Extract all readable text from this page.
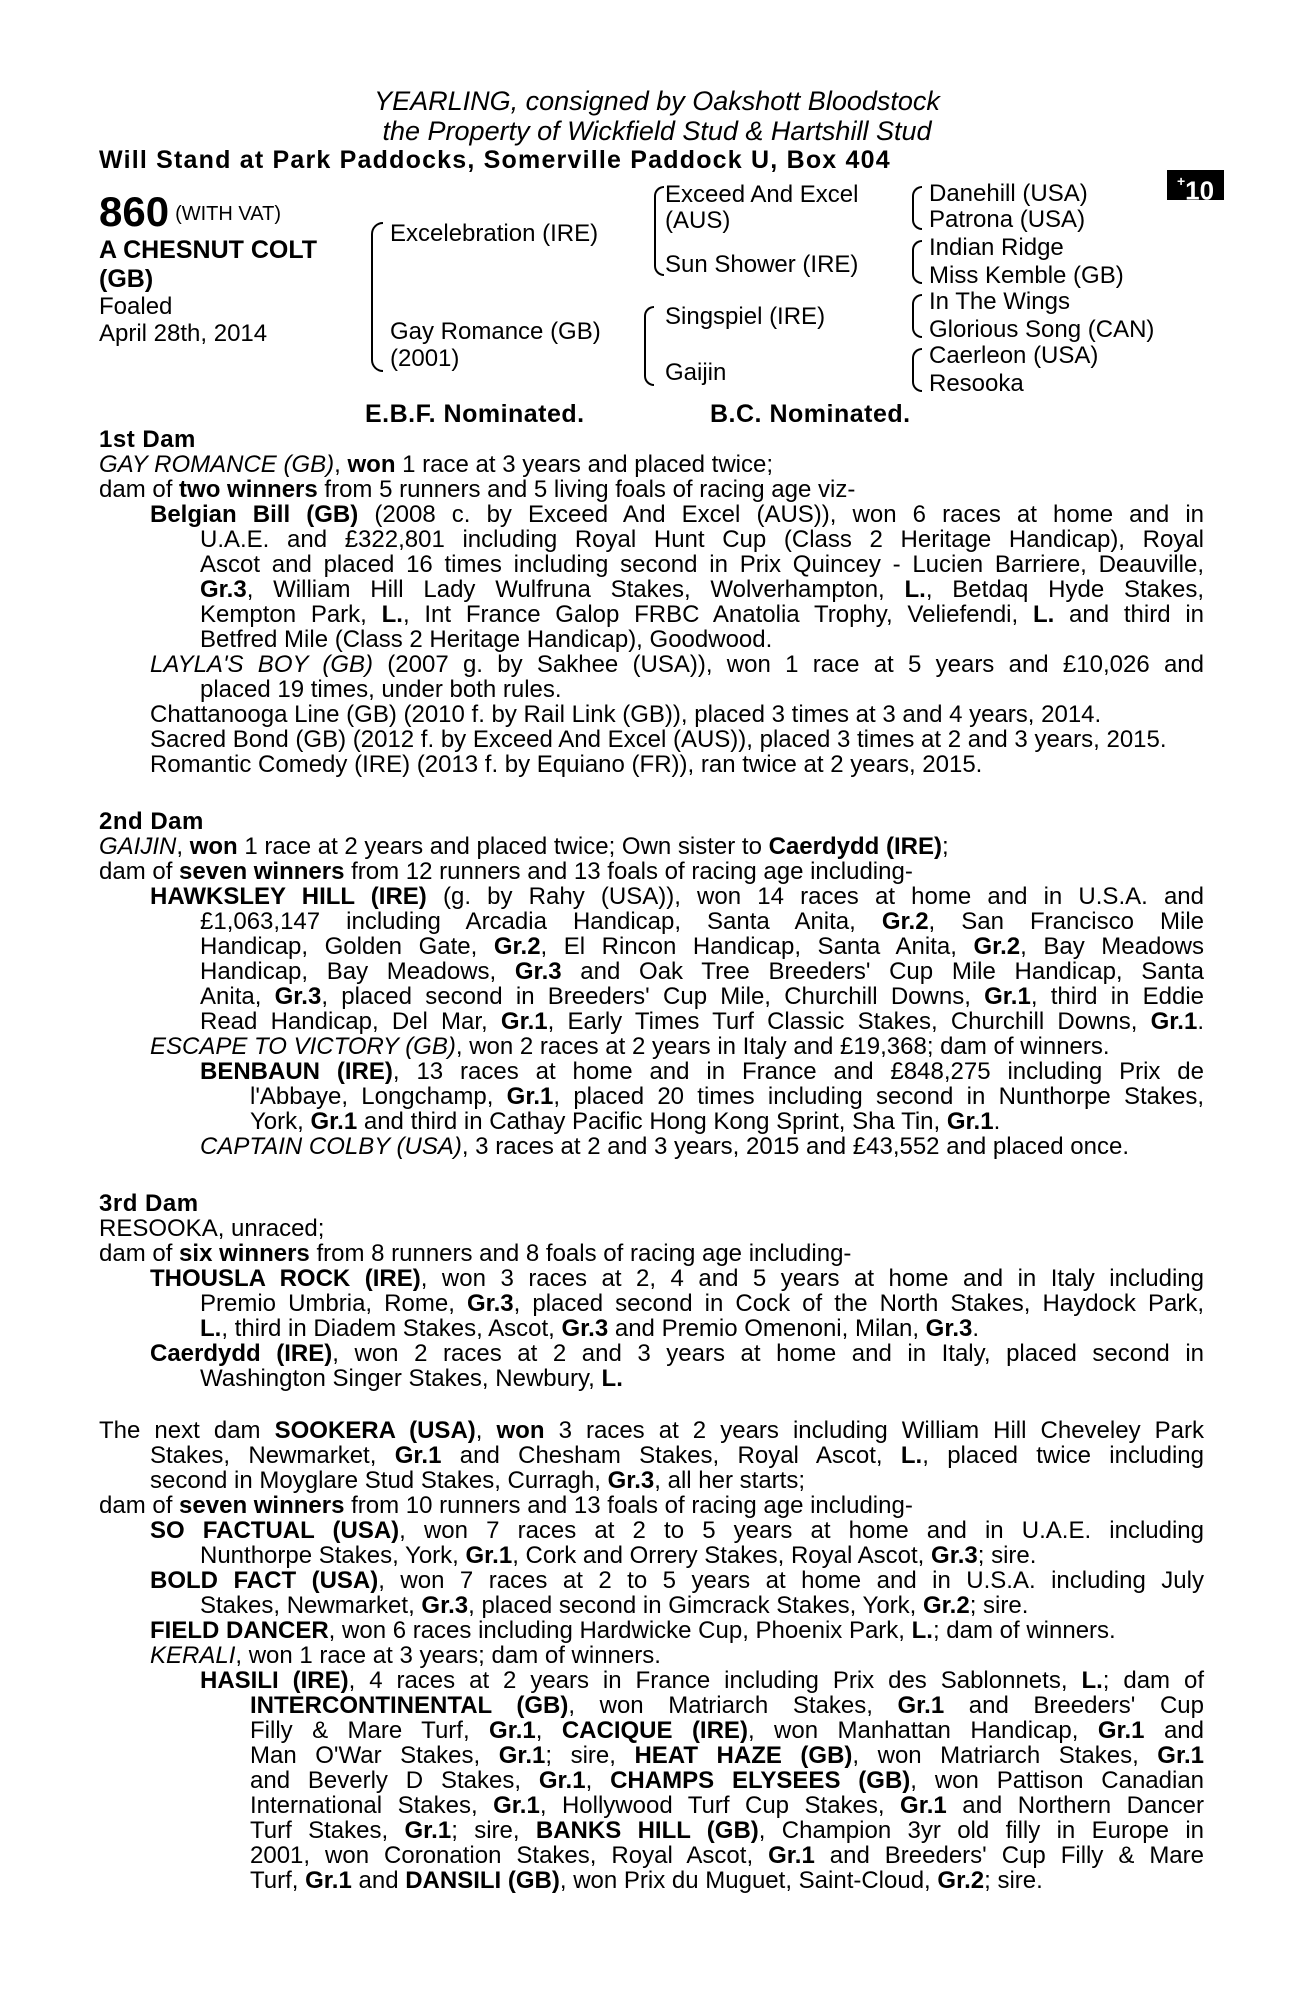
YEARLING, consigned by Oakshott Bloodstock
the Property of Wickfield Stud & Hartshill Stud
Will Stand at Park Paddocks, Somerville Paddock U, Box 404
+10
860 (WITH VAT)
A CHESNUT COLT
(GB)
Foaled
April 28th, 2014
Excelebration (IRE)
Gay Romance (GB)
(2001)
Exceed And Excel
(AUS)
Sun Shower (IRE)
Singspiel (IRE)
Gaijin
Danehill (USA)
Patrona (USA)
Indian Ridge
Miss Kemble (GB)
In The Wings
Glorious Song (CAN)
Caerleon (USA)
Resooka
E.B.F. Nominated.	B.C. Nominated.
1st Dam
GAY ROMANCE (GB), won 1 race at 3 years and placed twice;
dam of two winners from 5 runners and 5 living foals of racing age viz-
Belgian Bill (GB) (2008 c. by Exceed And Excel (AUS)), won 6 races at home and in
U.A.E. and £322,801 including Royal Hunt Cup (Class 2 Heritage Handicap), Royal
Ascot and placed 16 times including second in Prix Quincey - Lucien Barriere, Deauville,
Gr.3, William Hill Lady Wulfruna Stakes, Wolverhampton, L., Betdaq Hyde Stakes,
Kempton Park, L., Int France Galop FRBC Anatolia Trophy, Veliefendi, L. and third in
Betfred Mile (Class 2 Heritage Handicap), Goodwood.
LAYLA'S BOY (GB) (2007 g. by Sakhee (USA)), won 1 race at 5 years and £10,026 and
placed 19 times, under both rules.
Chattanooga Line (GB) (2010 f. by Rail Link (GB)), placed 3 times at 3 and 4 years, 2014.
Sacred Bond (GB) (2012 f. by Exceed And Excel (AUS)), placed 3 times at 2 and 3 years, 2015.
Romantic Comedy (IRE) (2013 f. by Equiano (FR)), ran twice at 2 years, 2015.
2nd Dam
GAIJIN, won 1 race at 2 years and placed twice; Own sister to Caerdydd (IRE);
dam of seven winners from 12 runners and 13 foals of racing age including-
HAWKSLEY HILL (IRE) (g. by Rahy (USA)), won 14 races at home and in U.S.A. and
£1,063,147 including Arcadia Handicap, Santa Anita, Gr.2, San Francisco Mile
Handicap, Golden Gate, Gr.2, El Rincon Handicap, Santa Anita, Gr.2, Bay Meadows
Handicap, Bay Meadows, Gr.3 and Oak Tree Breeders' Cup Mile Handicap, Santa
Anita, Gr.3, placed second in Breeders' Cup Mile, Churchill Downs, Gr.1, third in Eddie
Read Handicap, Del Mar, Gr.1, Early Times Turf Classic Stakes, Churchill Downs, Gr.1.
ESCAPE TO VICTORY (GB), won 2 races at 2 years in Italy and £19,368; dam of winners.
BENBAUN (IRE), 13 races at home and in France and £848,275 including Prix de
l'Abbaye, Longchamp, Gr.1, placed 20 times including second in Nunthorpe Stakes,
York, Gr.1 and third in Cathay Pacific Hong Kong Sprint, Sha Tin, Gr.1.
CAPTAIN COLBY (USA), 3 races at 2 and 3 years, 2015 and £43,552 and placed once.
3rd Dam
RESOOKA, unraced;
dam of six winners from 8 runners and 8 foals of racing age including-
THOUSLA ROCK (IRE), won 3 races at 2, 4 and 5 years at home and in Italy including
Premio Umbria, Rome, Gr.3, placed second in Cock of the North Stakes, Haydock Park,
L., third in Diadem Stakes, Ascot, Gr.3 and Premio Omenoni, Milan, Gr.3.
Caerdydd (IRE), won 2 races at 2 and 3 years at home and in Italy, placed second in
Washington Singer Stakes, Newbury, L.
The next dam SOOKERA (USA), won 3 races at 2 years including William Hill Cheveley Park
Stakes, Newmarket, Gr.1 and Chesham Stakes, Royal Ascot, L., placed twice including
second in Moyglare Stud Stakes, Curragh, Gr.3, all her starts;
dam of seven winners from 10 runners and 13 foals of racing age including-
SO FACTUAL (USA), won 7 races at 2 to 5 years at home and in U.A.E. including
Nunthorpe Stakes, York, Gr.1, Cork and Orrery Stakes, Royal Ascot, Gr.3; sire.
BOLD FACT (USA), won 7 races at 2 to 5 years at home and in U.S.A. including July
Stakes, Newmarket, Gr.3, placed second in Gimcrack Stakes, York, Gr.2; sire.
FIELD DANCER, won 6 races including Hardwicke Cup, Phoenix Park, L.; dam of winners.
KERALI, won 1 race at 3 years; dam of winners.
HASILI (IRE), 4 races at 2 years in France including Prix des Sablonnets, L.; dam of
INTERCONTINENTAL (GB), won Matriarch Stakes, Gr.1 and Breeders' Cup
Filly & Mare Turf, Gr.1, CACIQUE (IRE), won Manhattan Handicap, Gr.1 and
Man O'War Stakes, Gr.1; sire, HEAT HAZE (GB), won Matriarch Stakes, Gr.1
and Beverly D Stakes, Gr.1, CHAMPS ELYSEES (GB), won Pattison Canadian
International Stakes, Gr.1, Hollywood Turf Cup Stakes, Gr.1 and Northern Dancer
Turf Stakes, Gr.1; sire, BANKS HILL (GB), Champion 3yr old filly in Europe in
2001, won Coronation Stakes, Royal Ascot, Gr.1 and Breeders' Cup Filly & Mare
Turf, Gr.1 and DANSILI (GB), won Prix du Muguet, Saint-Cloud, Gr.2; sire.
